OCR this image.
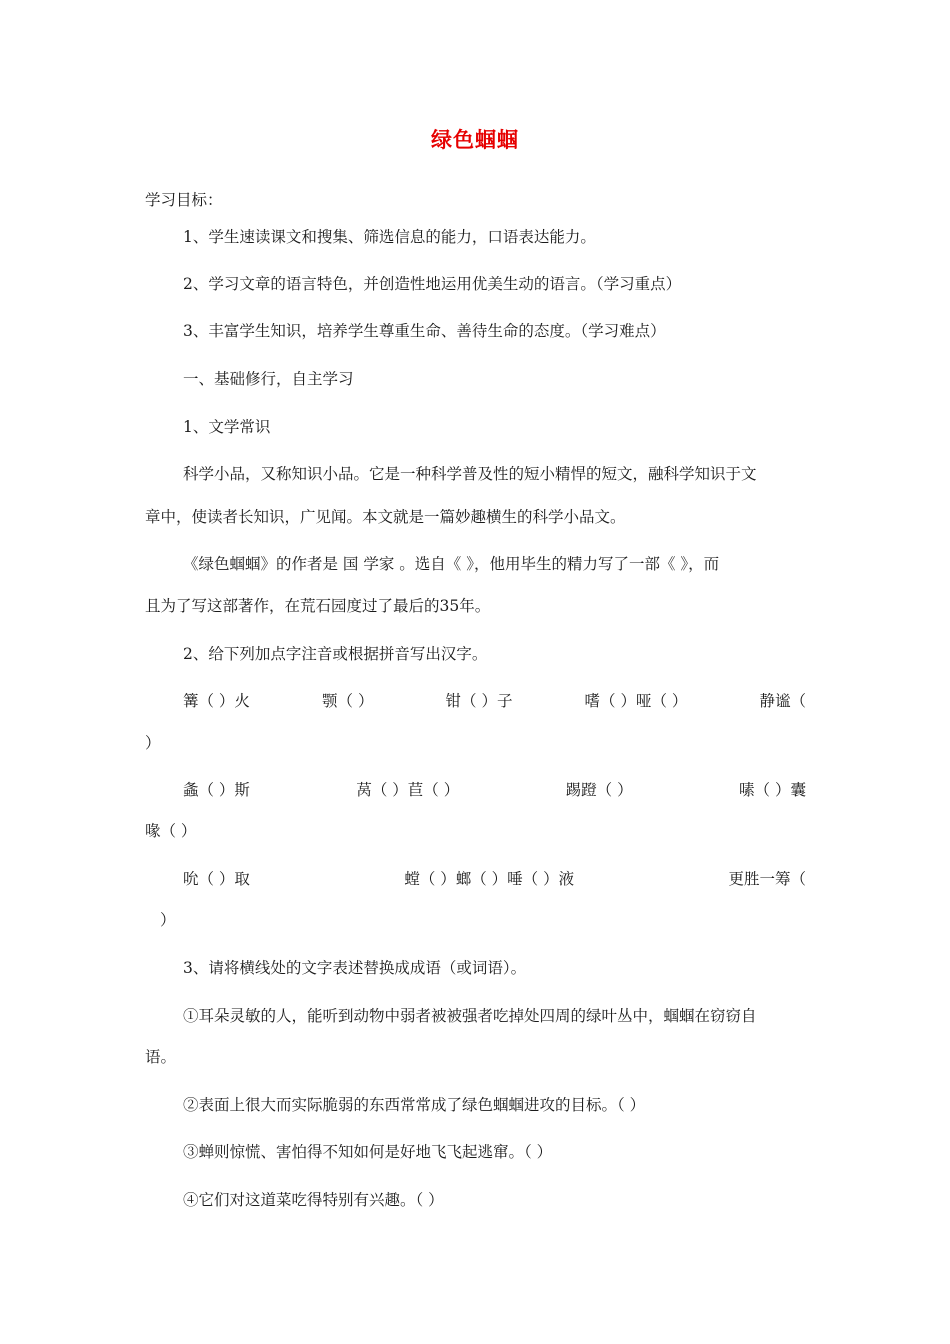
绿色蝈蝈
学习目标：
1、学生速读课文和搜集、筛选信息的能力，口语表达能力。
2、学习文章的语言特色，并创造性地运用优美生动的语言。（学习重点）
3、丰富学生知识，培养学生尊重生命、善待生命的态度。（学习难点）
一、基础修行，自主学习
1、文学常识
科学小品，又称知识小品。它是一种科学普及性的短小精悍的短文，融科学知识于文
章中，使读者长知识，广见闻。本文就是一篇妙趣横生的科学小品文。
《绿色蝈蝈》的作者是 国 学家 。选自《 》，他用毕生的精力写了一部《 》，而
且为了写这部著作，在荒石园度过了最后的35年。
2、给下列加点字注音或根据拼音写出汉字。
篝（ ）火	颚（ ）	钳（ ）子	嗜（ ）哑（ ）	静谧（
）
螽（ ）斯	莴（ ）苣（ ）	踢蹬（ ）	嗉（ ）囊
喙（ ）
吮（ ）取	螳（ ）螂（ ）唾（ ）液	更胜一筹（
）
3、请将横线处的文字表述替换成成语（或词语）。
①耳朵灵敏的人，能听到动物中弱者被被强者吃掉处四周的绿叶丛中，蝈蝈在窃窃自
语。
②表面上很大而实际脆弱的东西常常成了绿色蝈蝈进攻的目标。（ ）
③蝉则惊慌、害怕得不知如何是好地飞飞起逃窜。（ ）
④它们对这道菜吃得特别有兴趣。（ ）
